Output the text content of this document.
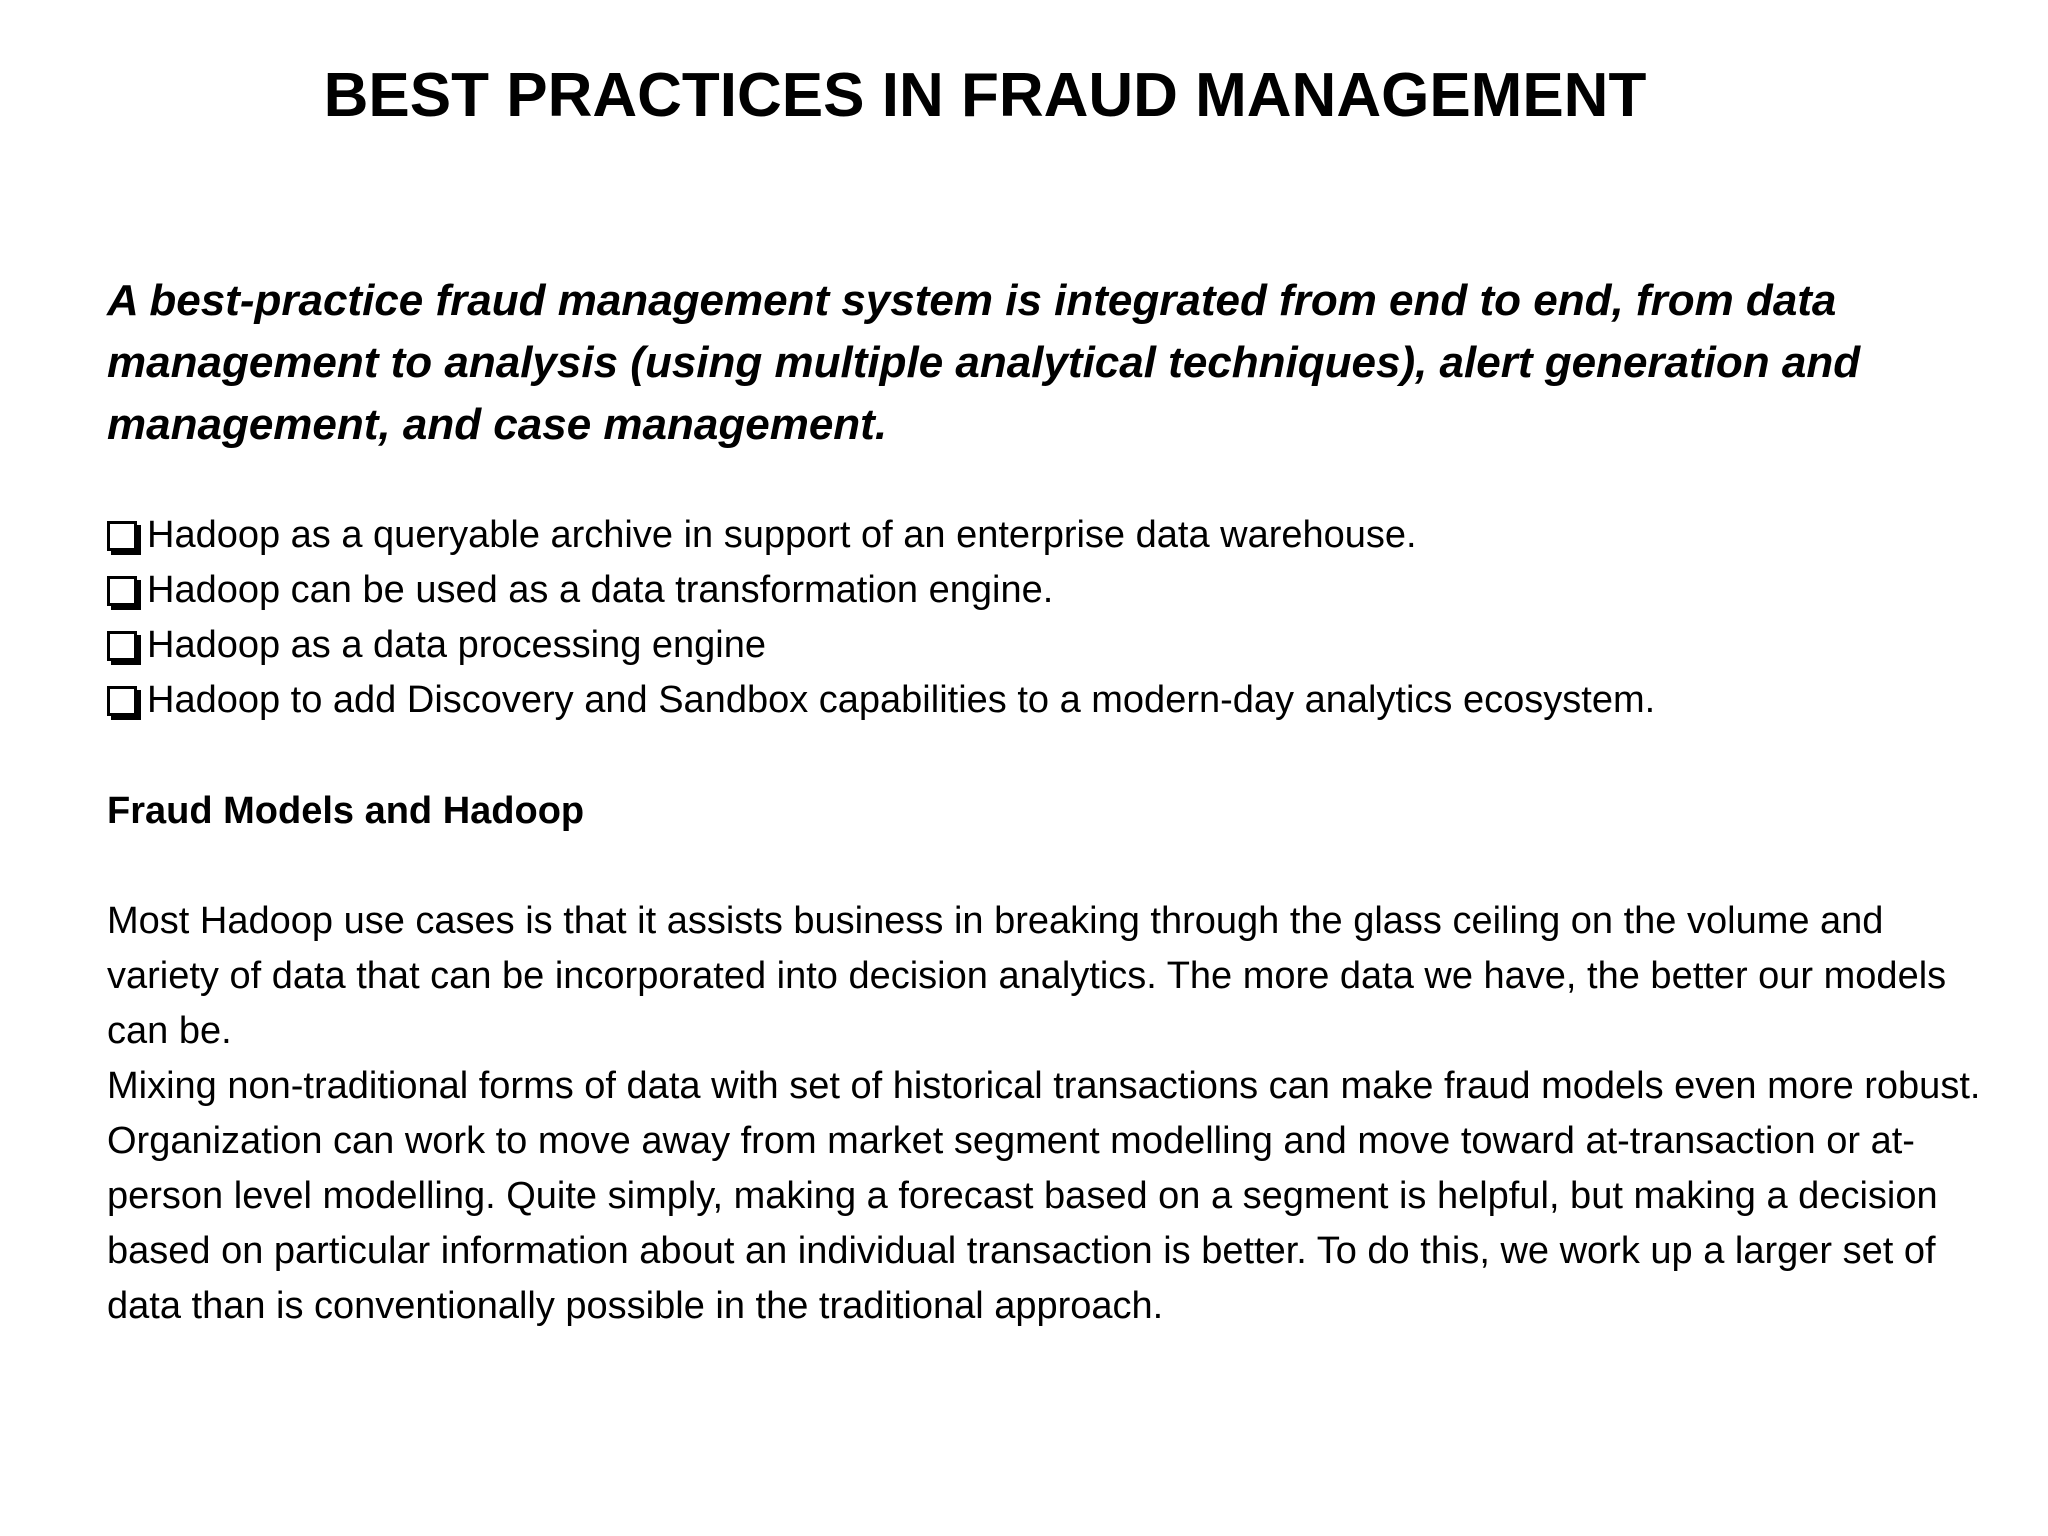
BEST PRACTICES IN FRAUD MANAGEMENT

A best-practice fraud management system is integrated from end to end, from data management to analysis (using multiple analytical techniques), alert generation and management, and case management.

Hadoop as a queryable archive in support of an enterprise data warehouse.
Hadoop can be used as a data transformation engine.
Hadoop as a data processing engine
Hadoop to add Discovery and Sandbox capabilities to a modern-day analytics ecosystem.
Fraud Models and Hadoop

Most Hadoop use cases is that it assists business in breaking through the glass ceiling on the volume and variety of data that can be incorporated into decision analytics. The more data we have, the better our models can be.

Mixing non-traditional forms of data with set of historical transactions can make fraud models even more robust.

Organization can work to move away from market segment modelling and move toward at-transaction or at-person level modelling. Quite simply, making a forecast based on a segment is helpful, but making a decision based on particular information about an individual transaction is better. To do this, we work up a larger set of data than is conventionally possible in the traditional approach.
